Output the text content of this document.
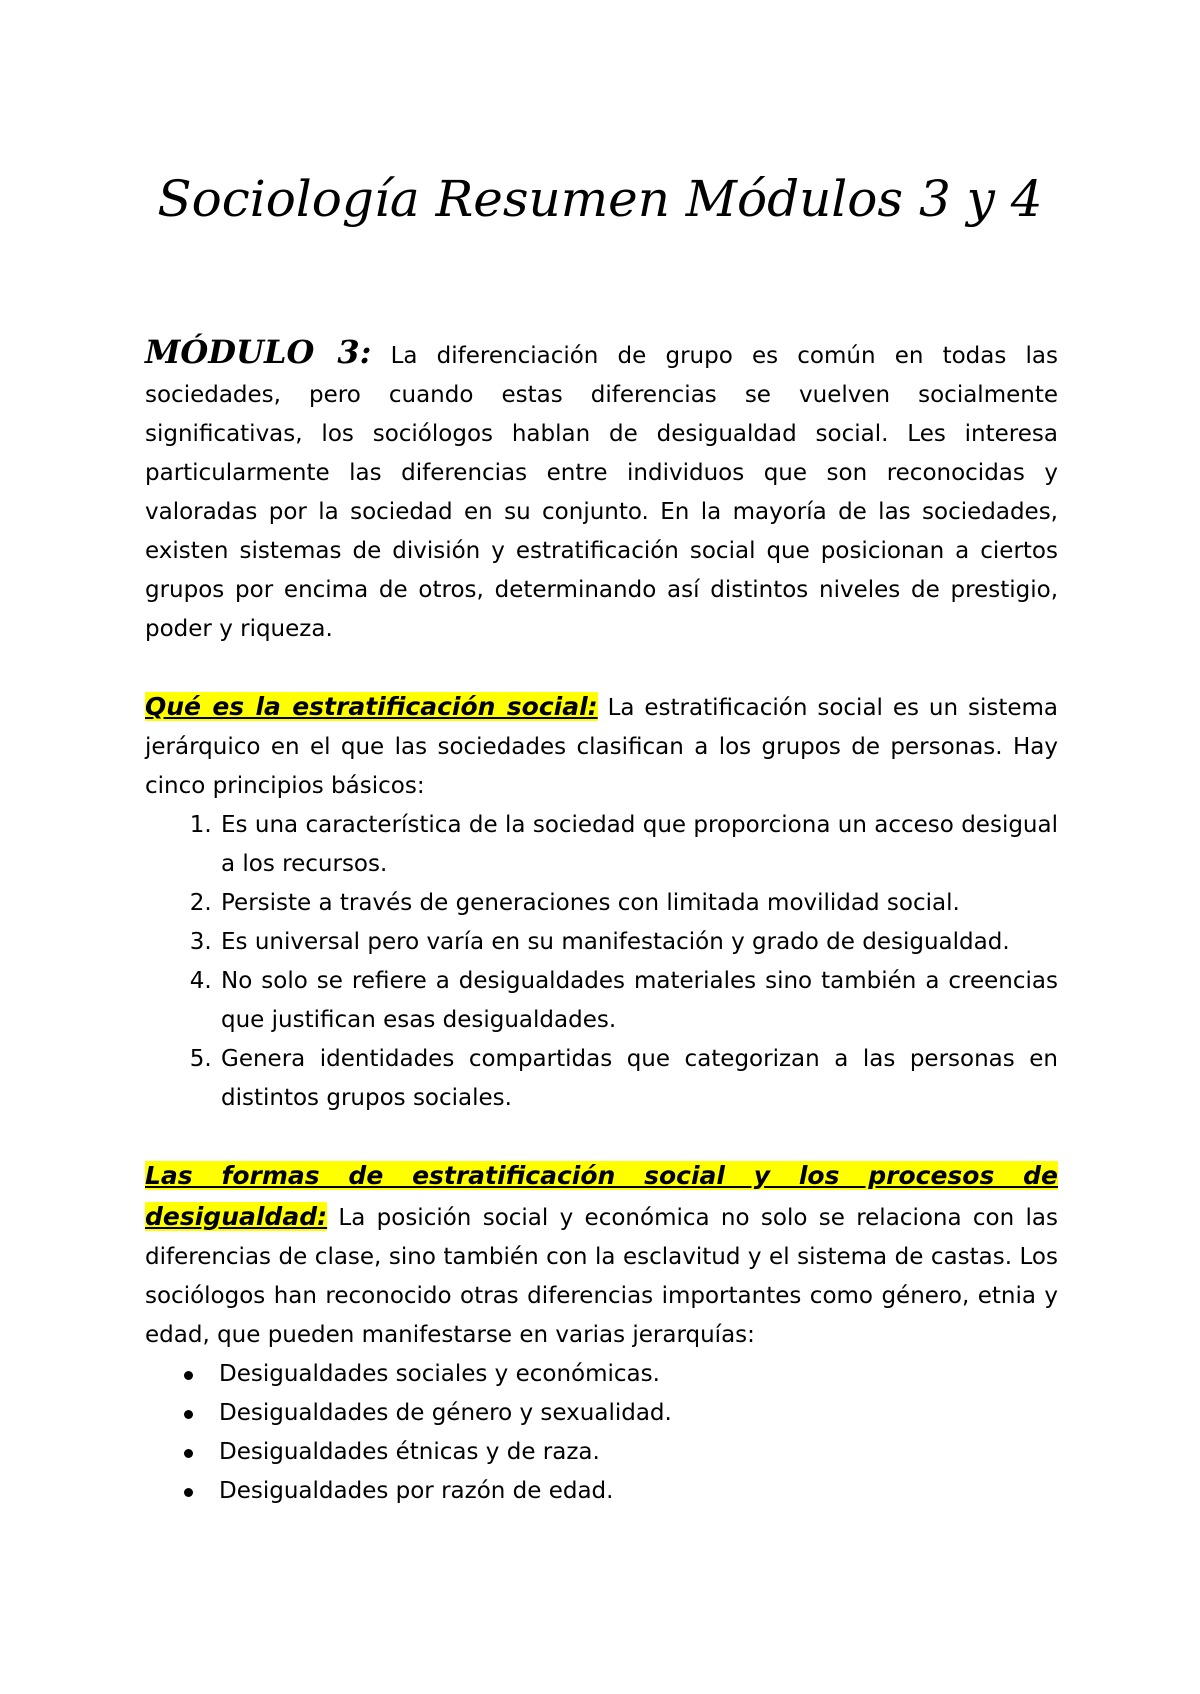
Sociología Resumen Módulos 3 y 4

MÓDULO 3: La diferenciación de grupo es común en todas las sociedades, pero cuando estas diferencias se vuelven socialmente significativas, los sociólogos hablan de desigualdad social. Les interesa particularmente las diferencias entre individuos que son reconocidas y valoradas por la sociedad en su conjunto. En la mayoría de las sociedades, existen sistemas de división y estratificación social que posicionan a ciertos grupos por encima de otros, determinando así distintos niveles de prestigio, poder y riqueza.

Qué es la estratificación social: La estratificación social es un sistema jerárquico en el que las sociedades clasifican a los grupos de personas. Hay cinco principios básicos:

1. Es una característica de la sociedad que proporciona un acceso desigual a los recursos.
2. Persiste a través de generaciones con limitada movilidad social.
3. Es universal pero varía en su manifestación y grado de desigualdad.
4. No solo se refiere a desigualdades materiales sino también a creencias que justifican esas desigualdades.
5. Genera identidades compartidas que categorizan a las personas en distintos grupos sociales.

Las formas de estratificación social y los procesos de desigualdad: La posición social y económica no solo se relaciona con las diferencias de clase, sino también con la esclavitud y el sistema de castas. Los sociólogos han reconocido otras diferencias importantes como género, etnia y edad, que pueden manifestarse en varias jerarquías:

Desigualdades sociales y económicas.
Desigualdades de género y sexualidad.
Desigualdades étnicas y de raza.
Desigualdades por razón de edad.
